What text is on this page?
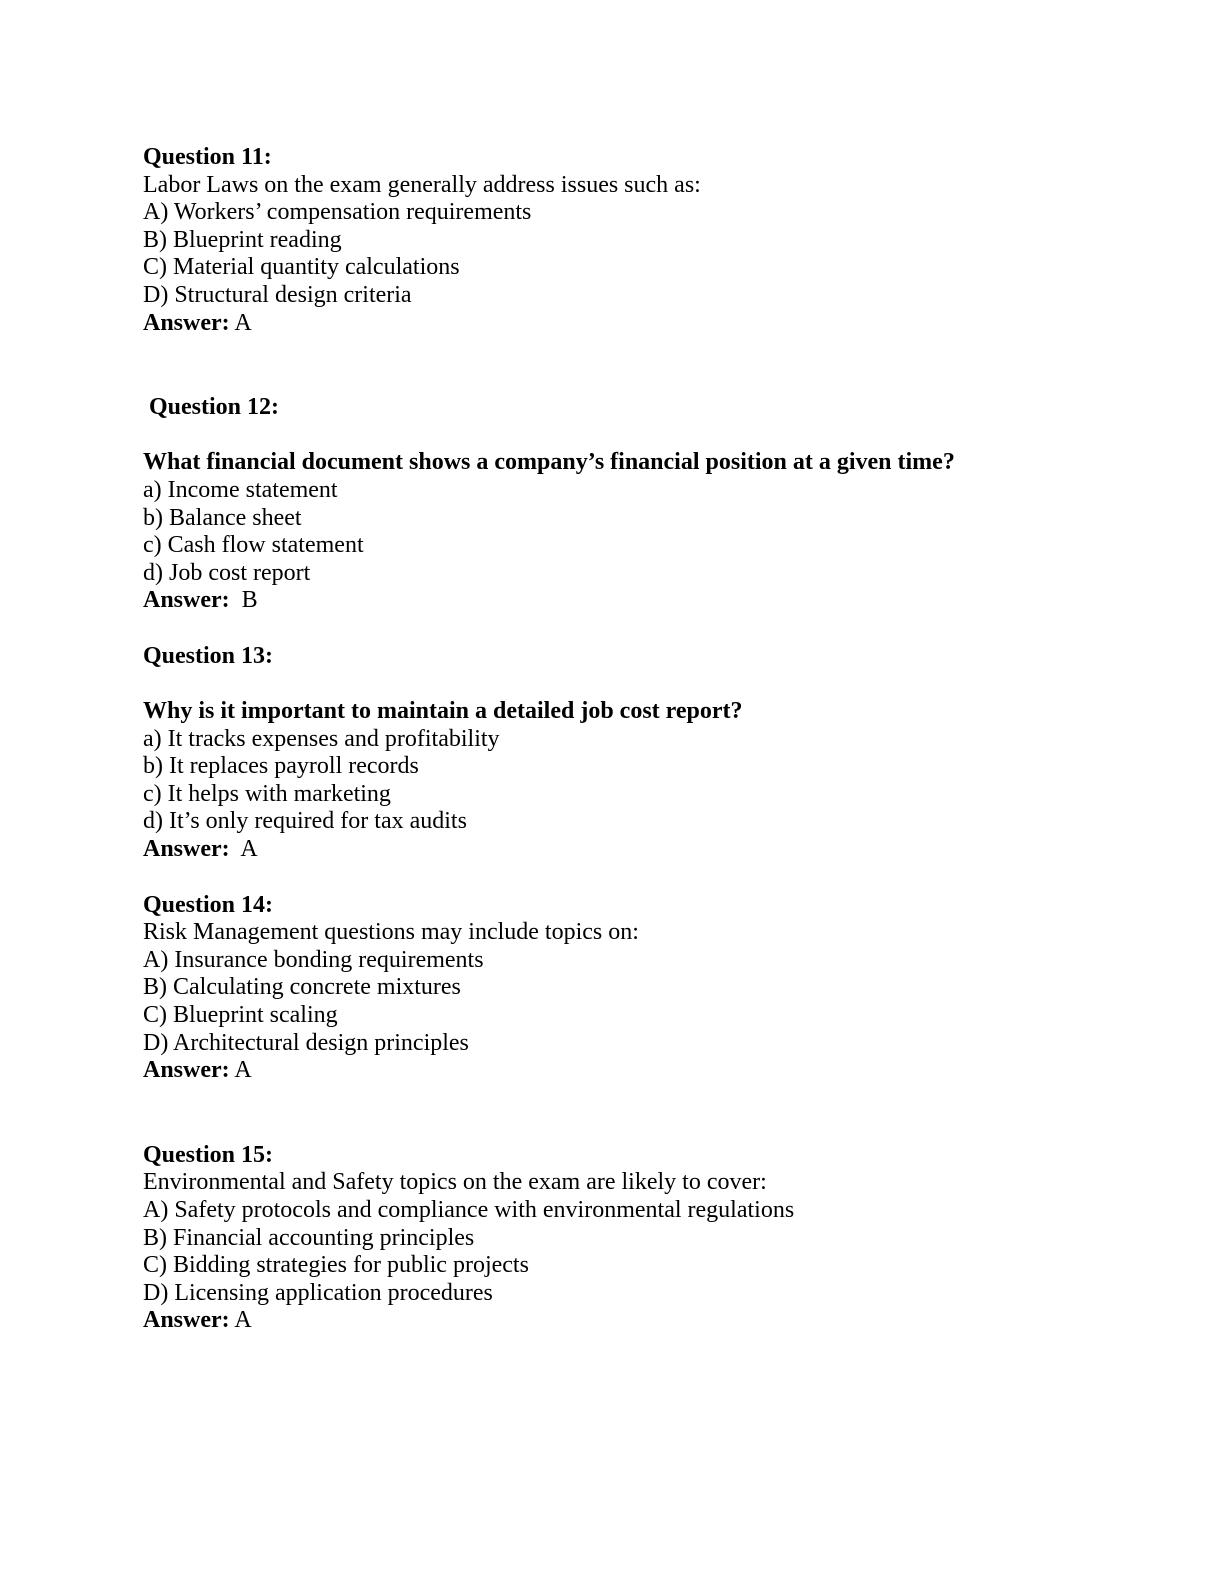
Question 11:
Labor Laws on the exam generally address issues such as:
A) Workers’ compensation requirements
B) Blueprint reading
C) Material quantity calculations
D) Structural design criteria
Answer: A
Question 12:
What financial document shows a company’s financial position at a given time?
a) Income statement
b) Balance sheet
c) Cash flow statement
d) Job cost report
Answer:  B
Question 13:
Why is it important to maintain a detailed job cost report?
a) It tracks expenses and profitability
b) It replaces payroll records
c) It helps with marketing
d) It’s only required for tax audits
Answer:  A
Question 14:
Risk Management questions may include topics on:
A) Insurance bonding requirements
B) Calculating concrete mixtures
C) Blueprint scaling
D) Architectural design principles
Answer: A
Question 15:
Environmental and Safety topics on the exam are likely to cover:
A) Safety protocols and compliance with environmental regulations
B) Financial accounting principles
C) Bidding strategies for public projects
D) Licensing application procedures
Answer: A
